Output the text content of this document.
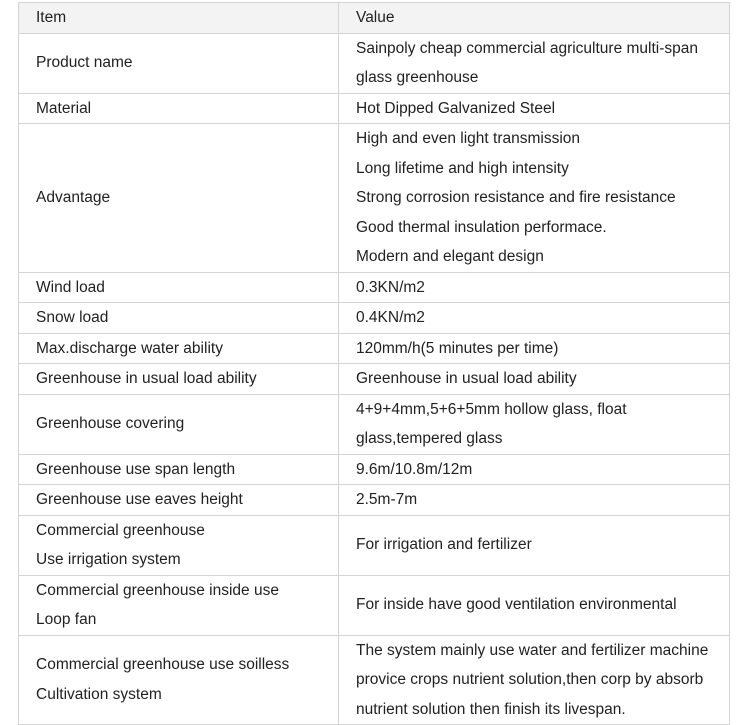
Item	Value

Product name	Sainpoly cheap commercial agriculture multi-span
glass greenhouse

Material	Hot Dipped Galvanized Steel

Advantage	High and even light transmission
Long lifetime and high intensity
Strong corrosion resistance and fire resistance
Good thermal insulation performace.
Modern and elegant design

Wind load	0.3KN/m2

Snow load	0.4KN/m2

Max.discharge water ability	120mm/h(5 minutes per time)

Greenhouse in usual load ability	Greenhouse in usual load ability

Greenhouse covering	4+9+4mm,5+6+5mm hollow glass, float
glass,tempered glass

Greenhouse use span length	9.6m/10.8m/12m

Greenhouse use eaves height	2.5m-7m

Commercial greenhouse
Use irrigation system	For irrigation and fertilizer

Commercial greenhouse inside use
Loop fan	For inside have good ventilation environmental

Commercial greenhouse use soilless
Cultivation system	The system mainly use water and fertilizer machine
provice crops nutrient solution,then corp by absorb
nutrient solution then finish its livespan.
